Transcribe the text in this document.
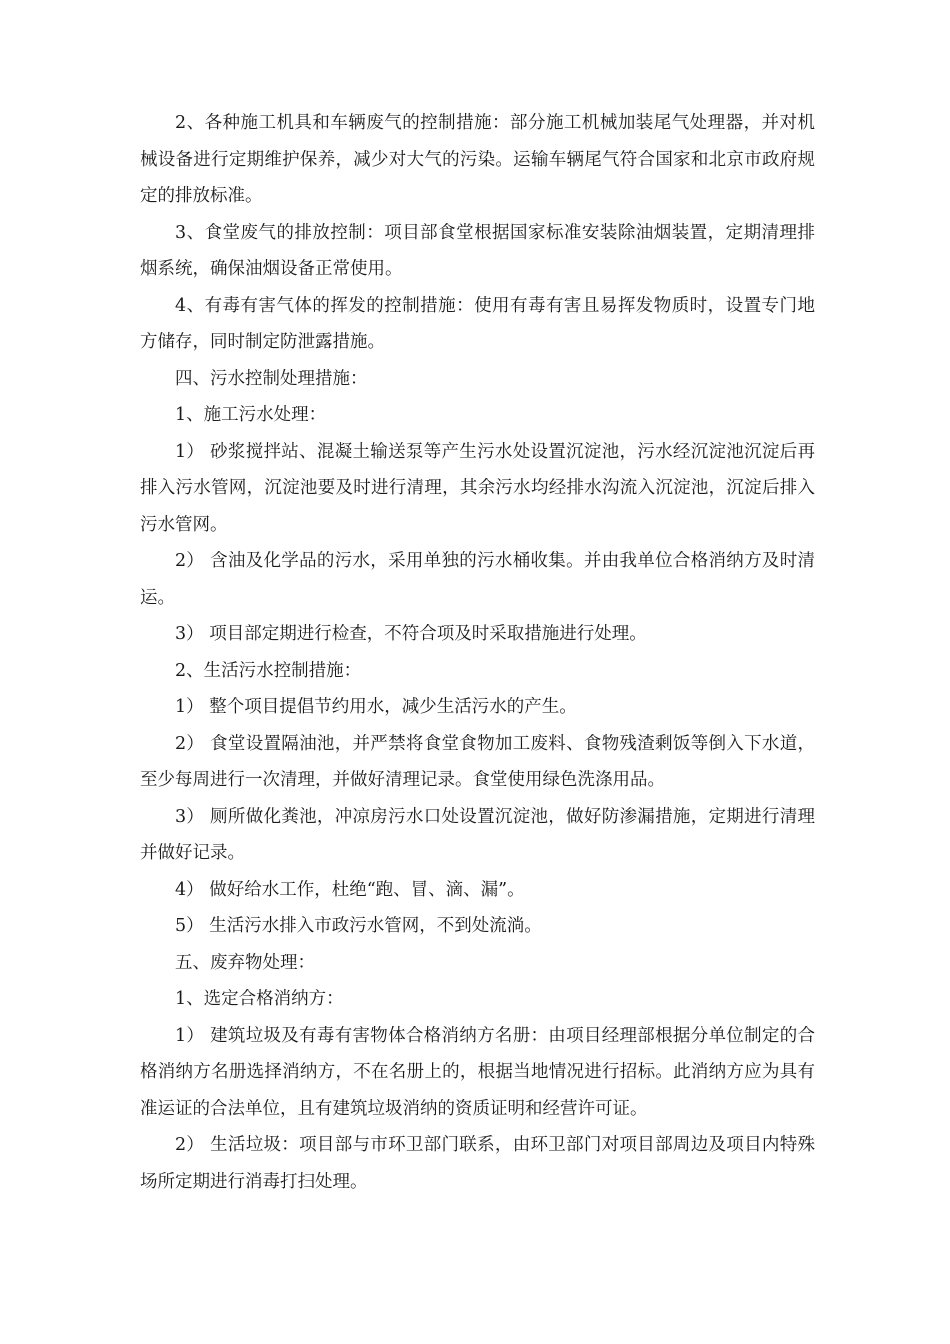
2、各种施工机具和车辆废气的控制措施：部分施工机械加装尾气处理器，并对机械设备进行定期维护保养，减少对大气的污染。运输车辆尾气符合国家和北京市政府规定的排放标准。

3、食堂废气的排放控制：项目部食堂根据国家标准安装除油烟装置，定期清理排烟系统，确保油烟设备正常使用。

4、有毒有害气体的挥发的控制措施：使用有毒有害且易挥发物质时，设置专门地方储存，同时制定防泄露措施。

四、污水控制处理措施：

1、施工污水处理：

1） 砂浆搅拌站、混凝土输送泵等产生污水处设置沉淀池，污水经沉淀池沉淀后再排入污水管网，沉淀池要及时进行清理，其余污水均经排水沟流入沉淀池，沉淀后排入污水管网。

2） 含油及化学品的污水，采用单独的污水桶收集。并由我单位合格消纳方及时清运。

3） 项目部定期进行检查，不符合项及时采取措施进行处理。

2、生活污水控制措施：

1） 整个项目提倡节约用水，减少生活污水的产生。

2） 食堂设置隔油池，并严禁将食堂食物加工废料、食物残渣剩饭等倒入下水道，至少每周进行一次清理，并做好清理记录。食堂使用绿色洗涤用品。

3） 厕所做化粪池，冲凉房污水口处设置沉淀池，做好防渗漏措施，定期进行清理并做好记录。

4） 做好给水工作，杜绝“跑、冒、滴、漏”。

5） 生活污水排入市政污水管网，不到处流淌。

五、废弃物处理：

1、选定合格消纳方：

1） 建筑垃圾及有毒有害物体合格消纳方名册：由项目经理部根据分单位制定的合格消纳方名册选择消纳方，不在名册上的，根据当地情况进行招标。此消纳方应为具有准运证的合法单位，且有建筑垃圾消纳的资质证明和经营许可证。

2） 生活垃圾：项目部与市环卫部门联系，由环卫部门对项目部周边及项目内特殊场所定期进行消毒打扫处理。
